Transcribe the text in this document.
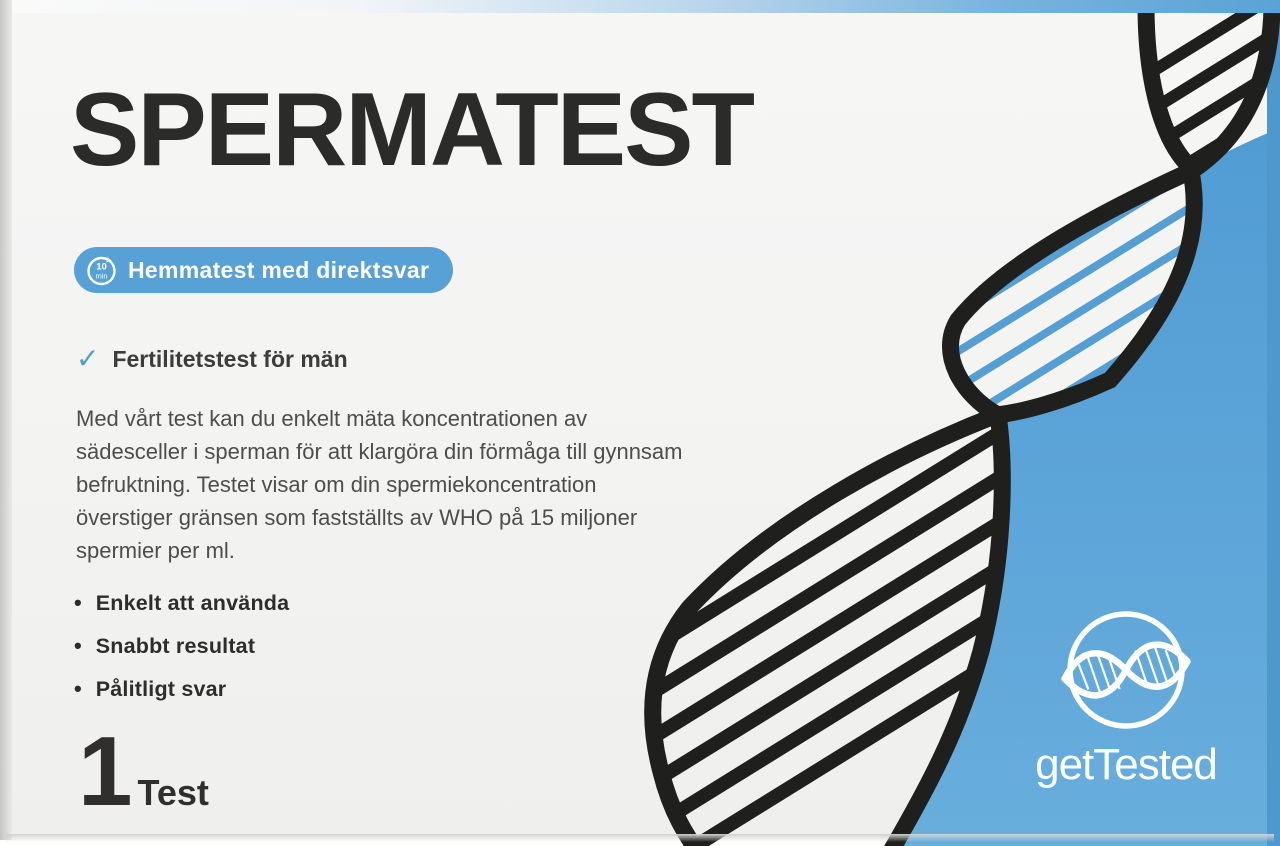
SPERMATEST
10
min Hemmatest med direktsvar
✓ Fertilitetstest för män
Med vårt test kan du enkelt mäta koncentrationen av sädesceller i sperman för att klargöra din förmåga till gynnsam befruktning. Testet visar om din spermiekoncentration överstiger gränsen som fastställts av WHO på 15 miljoner spermier per ml.
• Enkelt att använda
• Snabbt resultat
• Pålitligt svar
1 Test
getTested
